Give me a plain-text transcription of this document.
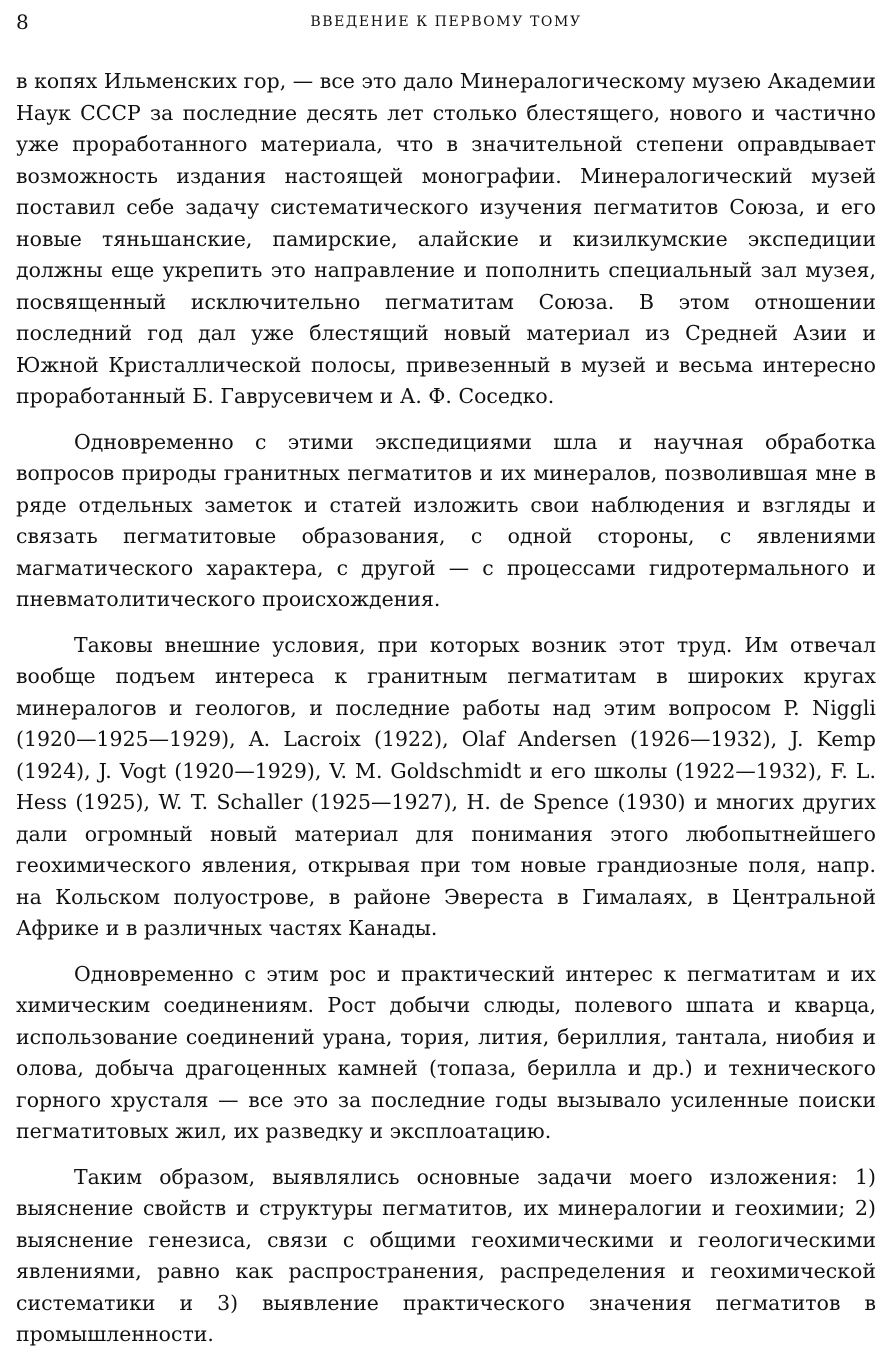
8	ВВЕДЕНИЕ К ПЕРВОМУ ТОМУ

в копях Ильменских гор, — все это дало Минералогическому музею Академии Наук СССР за последние десять лет столько блестящего, нового и частично уже проработанного материала, что в значительной степени оправдывает возможность издания настоящей монографии. Минералогический музей поставил себе задачу систематического изучения пегматитов Союза, и его новые тяньшанские, памирские, алайские и кизилкумские экспедиции должны еще укрепить это направление и пополнить специальный зал музея, посвященный исключительно пегматитам Союза. В этом отношении последний год дал уже блестящий новый материал из Средней Азии и Южной Кристаллической полосы, привезенный в музей и весьма интересно проработанный Б. Гаврусевичем и А. Ф. Соседко.

Одновременно с этими экспедициями шла и научная обработка вопросов природы гранитных пегматитов и их минералов, позволившая мне в ряде отдельных заметок и статей изложить свои наблюдения и взгляды и связать пегматитовые образования, с одной стороны, с явлениями магматического характера, с другой — с процессами гидротермального и пневматолитического происхождения.

Таковы внешние условия, при которых возник этот труд. Им отвечал вообще подъем интереса к гранитным пегматитам в широких кругах минералогов и геологов, и последние работы над этим вопросом P. Niggli (1920—1925—1929), A. Lacroix (1922), Olaf Andersen (1926—1932), J. Kemp (1924), J. Vogt (1920—1929), V. M. Goldschmidt и его школы (1922—1932), F. L. Hess (1925), W. T. Schaller (1925—1927), H. de Spence (1930) и многих других дали огромный новый материал для понимания этого любопытнейшего геохимического явления, открывая при том новые грандиозные поля, напр. на Кольском полуострове, в районе Эвереста в Гималаях, в Центральной Африке и в различных частях Канады.

Одновременно с этим рос и практический интерес к пегматитам и их химическим соединениям. Рост добычи слюды, полевого шпата и кварца, использование соединений урана, тория, лития, бериллия, тантала, ниобия и олова, добыча драгоценных камней (топаза, берилла и др.) и технического горного хрусталя — все это за последние годы вызывало усиленные поиски пегматитовых жил, их разведку и эксплоатацию.

Таким образом, выявлялись основные задачи моего изложения: 1) выяснение свойств и структуры пегматитов, их минералогии и геохимии; 2) выяснение генезиса, связи с общими геохимическими и геологическими явлениями, равно как распространения, распределения и геохимической систематики и 3) выявление практического значения пегматитов в промышленности.
